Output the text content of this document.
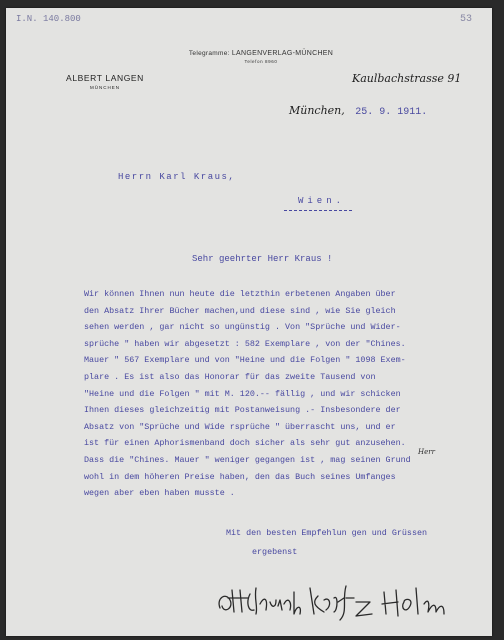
I.N. 140.800	53
Telegramme: LANGENVERLAG-MÜNCHEN
Telefon 8960
ALBERT LANGEN
MÜNCHEN
Kaulbachstrasse 91
München, 25. 9. 1911.
Herrn Karl Kraus,
Wien.
Sehr geehrter Herr Kraus !
Wir können Ihnen nun heute die letzthin erbetenen Angaben über
den Absatz Ihrer Bücher machen,und diese sind , wie Sie gleich
sehen werden , gar nicht so ungünstig . Von "Sprüche und Wider-
sprüche " haben wir abgesetzt : 582 Exemplare , von der "Chines.
Mauer " 567 Exemplare und von "Heine und die Folgen " 1098 Exem-
plare . Es ist also das Honorar für das zweite Tausend von
"Heine und die Folgen " mit M. 120.-- fällig , und wir schicken
Ihnen dieses gleichzeitig mit Postanweisung .- Insbesondere der
Absatz von "Sprüche und Wide rsprüche " überrascht uns, und er
ist für einen Aphorismenband doch sicher als sehr gut anzusehen.
Dass die "Chines. Mauer " weniger gegangen ist , mag seinen Grund
wohl in dem höheren Preise haben, den das Buch seines Umfanges
wegen aber eben haben musste .
Herr
Mit den besten Empfehlun gen und Grüssen
ergebenst
